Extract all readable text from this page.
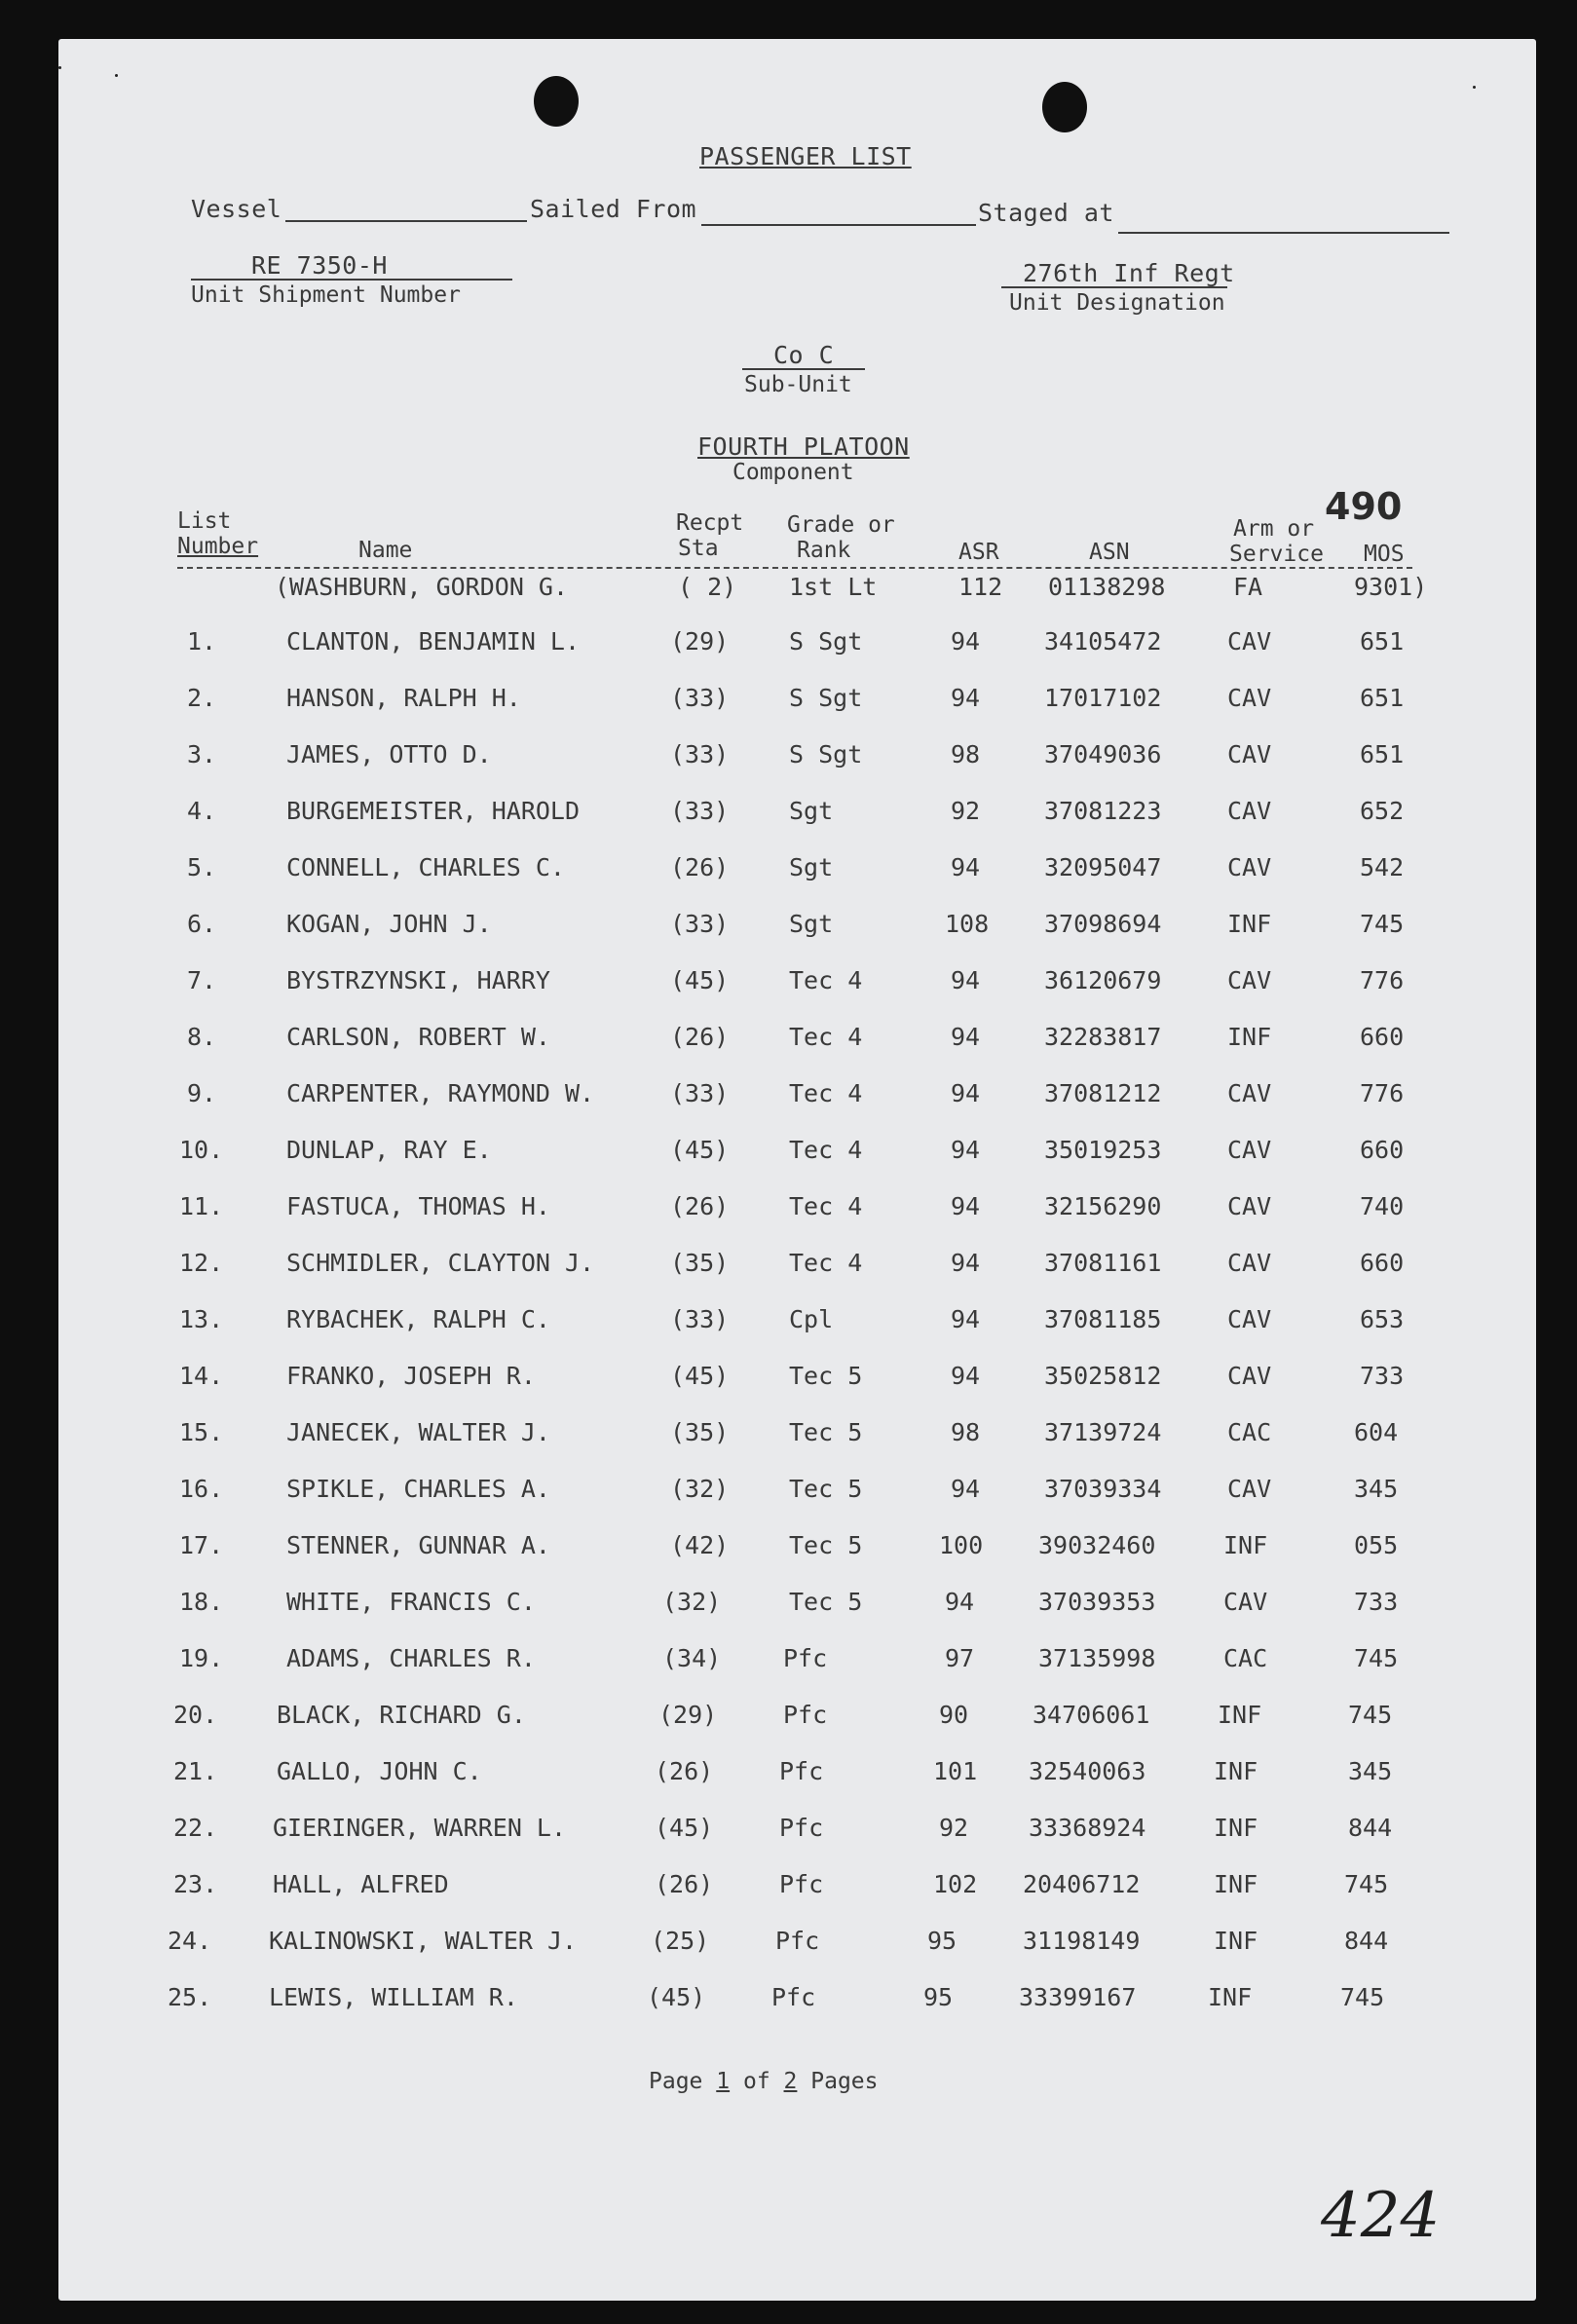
PASSENGER LIST
Vessel	Sailed From	Staged at
RE 7350-H
Unit Shipment Number
276th Inf Regt
Unit Designation
Co C
Sub-Unit
FOURTH PLATOON
Component
490
List
Number	Name
Recpt
Sta
Grade or
Rank	ASR	ASN
Arm or
Service MOS
(WASHBURN, GORDON G.	( 2) 1st Lt	112 01138298	FA	9301)
1.	CLANTON, BENJAMIN L.	(29) S Sgt	94	34105472	CAV	651
2.	HANSON, RALPH H.	(33) S Sgt	94	17017102	CAV	651
3.	JAMES, OTTO D.	(33) S Sgt	98	37049036	CAV	651
4.	BURGEMEISTER, HAROLD	(33) Sgt	92	37081223	CAV	652
5.	CONNELL, CHARLES C.	(26) Sgt	94	32095047	CAV	542
6.	KOGAN, JOHN J.	(33) Sgt	108 37098694	INF	745
7.	BYSTRZYNSKI, HARRY	(45) Tec 4	94	36120679	CAV	776
8.	CARLSON, ROBERT W.	(26) Tec 4	94	32283817	INF	660
9.	CARPENTER, RAYMOND W.	(33) Tec 4	94	37081212	CAV	776
10.	DUNLAP, RAY E.	(45) Tec 4	94	35019253	CAV	660
11.	FASTUCA, THOMAS H.	(26) Tec 4	94	32156290	CAV	740
12.	SCHMIDLER, CLAYTON J.	(35) Tec 4	94	37081161	CAV	660
13.	RYBACHEK, RALPH C.	(33) Cpl	94	37081185	CAV	653
14.	FRANKO, JOSEPH R.	(45) Tec 5	94	35025812	CAV	733
15.	JANECEK, WALTER J.	(35) Tec 5	98	37139724	CAC	604
16.	SPIKLE, CHARLES A.	(32) Tec 5	94	37039334	CAV	345
17.	STENNER, GUNNAR A.	(42) Tec 5	100 39032460	INF	055
18.	WHITE, FRANCIS C.	(32)	Tec 5	94	37039353	CAV	733
19.	ADAMS, CHARLES R.	(34)	Pfc	97	37135998	CAC	745
20. BLACK, RICHARD G.	(29)	Pfc	90	34706061	INF	745
21. GALLO, JOHN C.	(26)	Pfc	101 32540063	INF	345
22. GIERINGER, WARREN L.	(45)	Pfc	92 33368924	INF	844
23. HALL, ALFRED	(26)	Pfc	102 20406712	INF	745
24. KALINOWSKI, WALTER J.	(25)	Pfc	95	31198149	INF	844
25. LEWIS, WILLIAM R.	(45)	Pfc	95	33399167	INF	745
Page 1 of 2 Pages
424
